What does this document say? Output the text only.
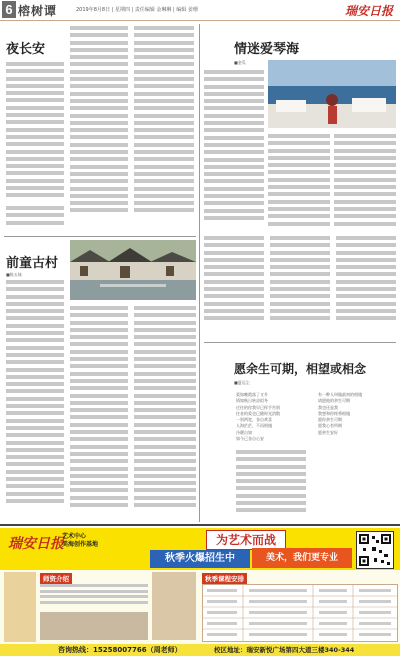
6 榕树谭	2019年8月8日 | 星期四 | 责任编辑 金琳琳 | 编辑 姜珊	瑞安日报
夜长安
前童古村
■陈五妹
情迷爱琴海
■金瓜
愿余生可期，相望或相念
■夏远尘
爱如晚霞落了又升
情如秋日转凉似冬
过往的你我早已挥手告别
往昔的爱也已随时光消散
一别两宽，各自欢喜
人海茫茫，不再相遇
冷暖自知
如今已各自心安
有一种人叫做最初的相遇
请愿他的余生可期
我也还是我
我想和你终将相遇
愿你余生可期
愿我心有所期
愿余生安好
瑞安日报
艺术中心
美海创作基地	为艺术而战
秋季火爆招生中	美术，我们更专业
师资介绍	秋季课程安排
咨询热线：15258007766（周老师）	校区地址：瑞安新悦广场第四大道三楼340-344
